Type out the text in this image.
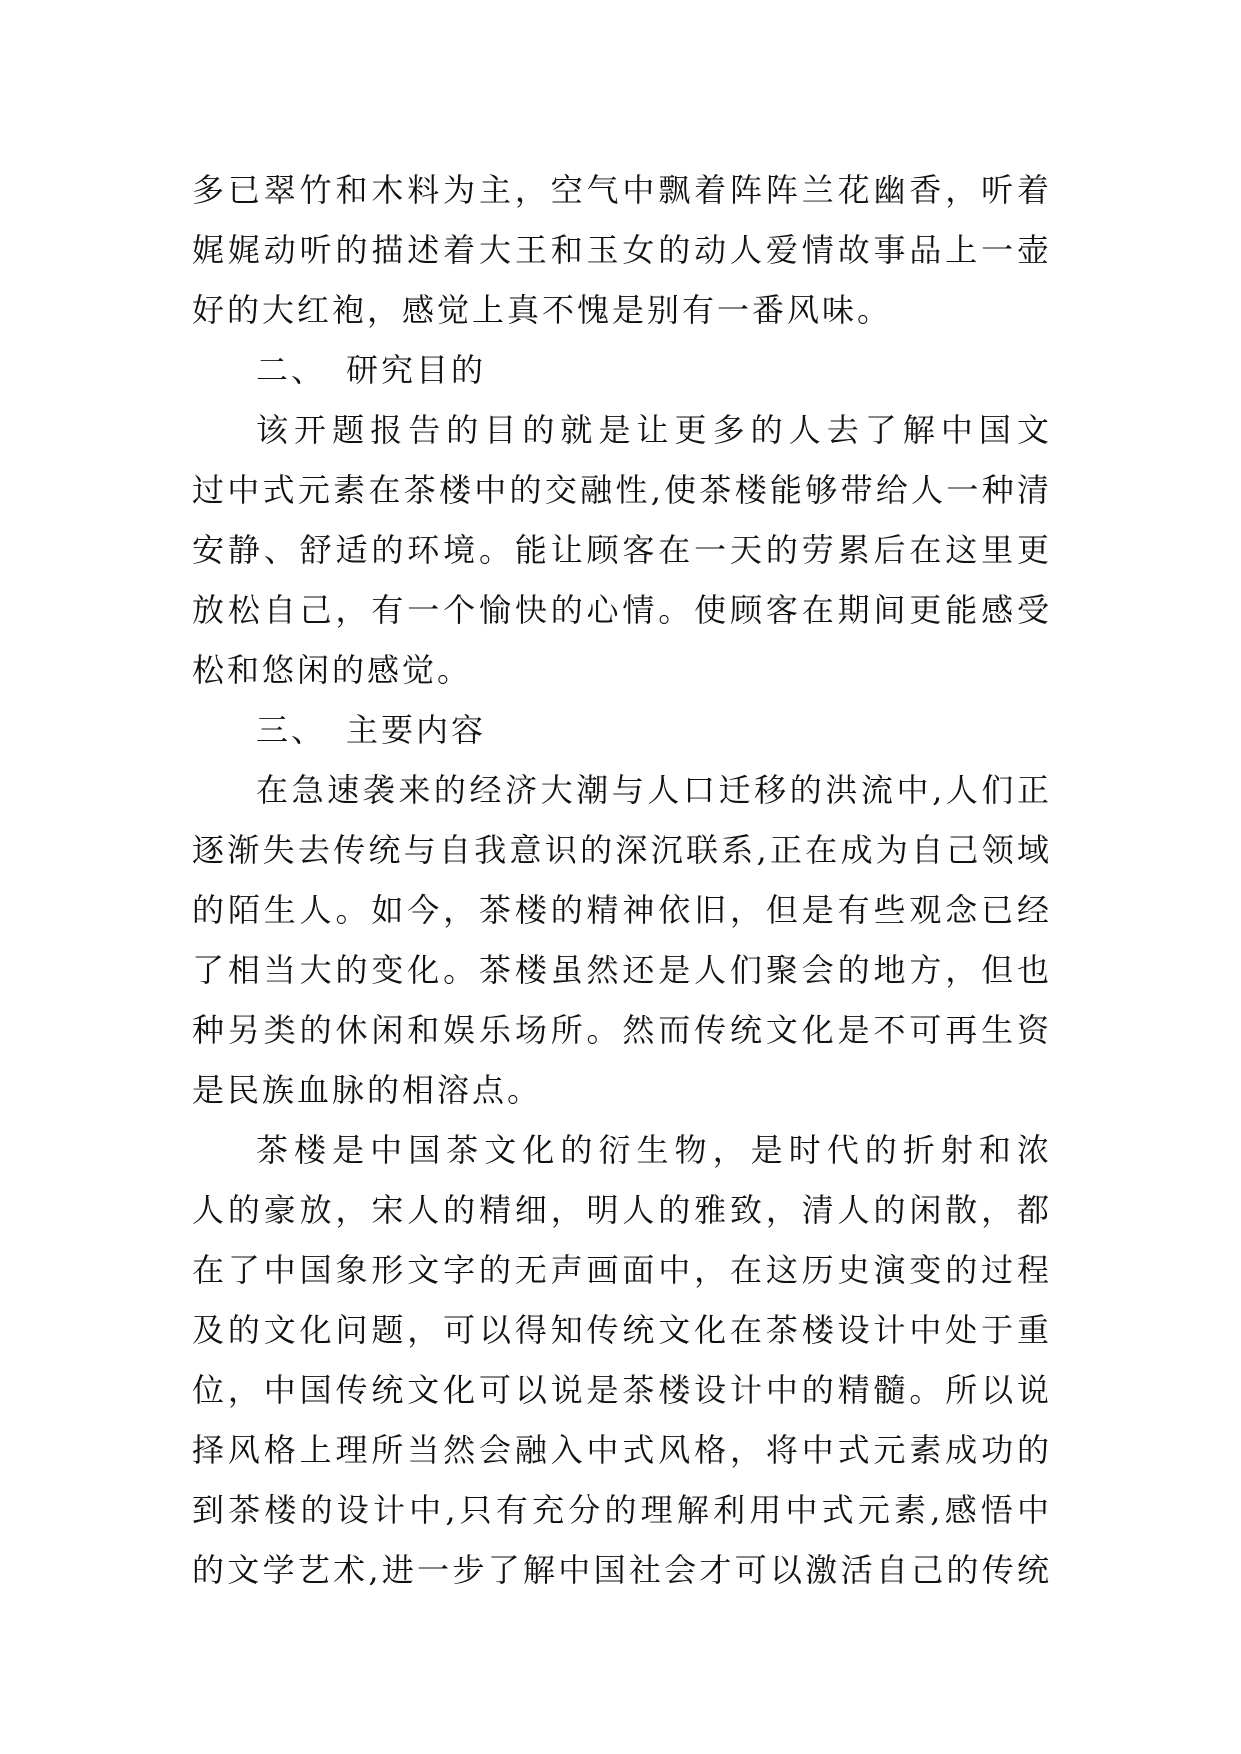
多已翠竹和木料为主，空气中飘着阵阵兰花幽香，听着
娓娓动听的描述着大王和玉女的动人爱情故事品上一壶
好的大红袍，感觉上真不愧是别有一番风味。
二、 研究目的
该开题报告的目的就是让更多的人去了解中国文
过中式元素在茶楼中的交融性,使茶楼能够带给人一种清
安静、舒适的环境。能让顾客在一天的劳累后在这里更
放松自己，有一个愉快的心情。使顾客在期间更能感受
松和悠闲的感觉。
三、 主要内容
在急速袭来的经济大潮与人口迁移的洪流中,人们正
逐渐失去传统与自我意识的深沉联系,正在成为自己领域
的陌生人。如今，茶楼的精神依旧，但是有些观念已经
了相当大的变化。茶楼虽然还是人们聚会的地方，但也
种另类的休闲和娱乐场所。然而传统文化是不可再生资
是民族血脉的相溶点。
茶楼是中国茶文化的衍生物，是时代的折射和浓
人的豪放，宋人的精细，明人的雅致，清人的闲散，都
在了中国象形文字的无声画面中，在这历史演变的过程
及的文化问题，可以得知传统文化在茶楼设计中处于重
位，中国传统文化可以说是茶楼设计中的精髓。所以说
择风格上理所当然会融入中式风格，将中式元素成功的
到茶楼的设计中,只有充分的理解利用中式元素,感悟中
的文学艺术,进一步了解中国社会才可以激活自己的传统
